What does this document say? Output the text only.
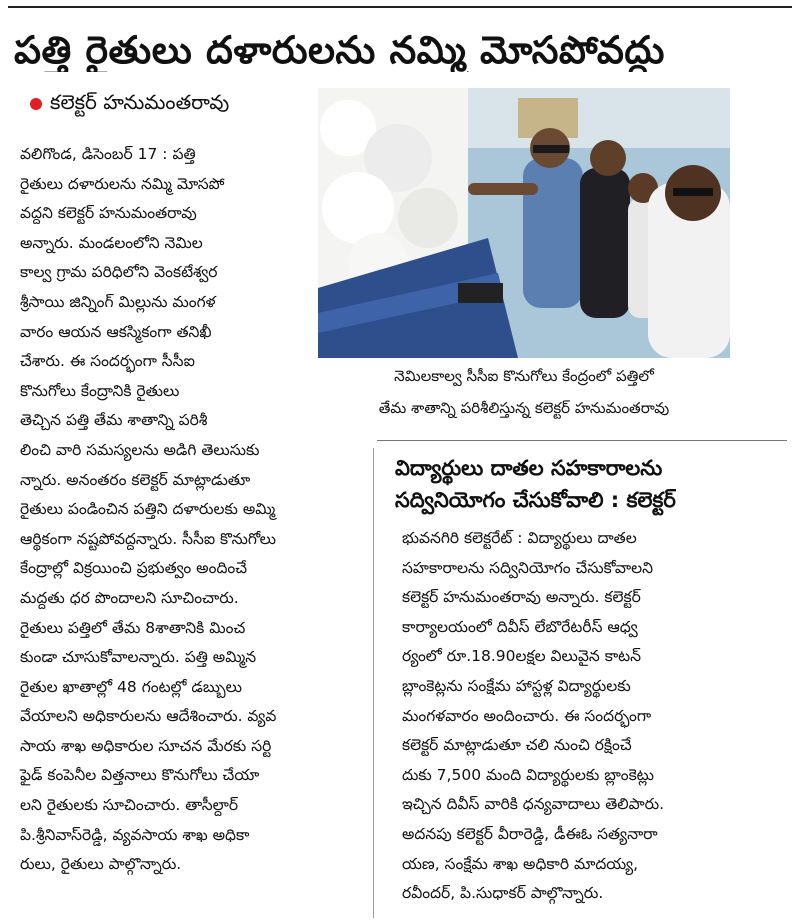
పత్తి రైతులు దళారులను నమ్మి మోసపోవద్దు
కలెక్టర్ హనుమంతరావు

వలిగొండ, డిసెంబర్ 17 : పత్తి

రైతులు దళారులను నమ్మి మోసపో

వద్దని కలెక్టర్ హనుమంతరావు

అన్నారు. మండలంలోని నెమిల

కాల్వ గ్రామ పరిధిలోని వెంకటేశ్వర

శ్రీసాయి జిన్నింగ్ మిల్లును మంగళ

వారం ఆయన ఆకస్మికంగా తనిఖీ

చేశారు. ఈ సందర్భంగా సీసీఐ

కొనుగోలు కేంద్రానికి రైతులు

తెచ్చిన పత్తి తేమ శాతాన్ని పరిశీ

లించి వారి సమస్యలను అడిగి తెలుసుకు

న్నారు. అనంతరం కలెక్టర్ మాట్లాడుతూ

రైతులు పండించిన పత్తిని దళారులకు అమ్మి

ఆర్థికంగా నష్టపోవద్దన్నారు. సీసీఐ కొనుగోలు

కేంద్రాల్లో విక్రయించి ప్రభుత్వం అందించే

మద్దతు ధర పొందాలని సూచించారు.

రైతులు పత్తిలో తేమ 8శాతానికి మించ

కుండా చూసుకోవాలన్నారు. పత్తి అమ్మిన

రైతుల ఖాతాల్లో 48 గంటల్లో డబ్బులు

వేయాలని అధికారులను ఆదేశించారు. వ్యవ

సాయ శాఖ అధికారుల సూచన మేరకు సర్టి

ఫైడ్ కంపెనీల విత్తనాలు కొనుగోలు చేయా

లని రైతులకు సూచించారు. తాసీల్దార్

పి.శ్రీనివాస్‌రెడ్డి, వ్యవసాయ శాఖ అధికా

రులు, రైతులు పాల్గొన్నారు.

నెమిలకాల్వ సీసీఐ కొనుగోలు కేంద్రంలో పత్తిలో
తేమ శాతాన్ని పరిశీలిస్తున్న కలెక్టర్ హనుమంతరావు
విద్యార్థులు దాతల సహకారాలను
సద్వినియోగం చేసుకోవాలి : కలెక్టర్

భువనగిరి కలెక్టరేట్ : విద్యార్థులు దాతల

సహకారాలను సద్వినియోగం చేసుకోవాలని

కలెక్టర్ హనుమంతరావు అన్నారు. కలెక్టర్

కార్యాలయంలో దివీస్ లేబొరేటరీస్ ఆధ్వ

ర్యంలో రూ.18.90లక్షల విలువైన కాటన్

బ్లాంకెట్లను సంక్షేమ హాస్టళ్ల విద్యార్థులకు

మంగళవారం అందించారు. ఈ సందర్భంగా

కలెక్టర్ మాట్లాడుతూ చలి నుంచి రక్షించే

దుకు 7,500 మంది విద్యార్థులకు బ్లాంకెట్లు

ఇచ్చిన దివీస్ వారికి ధన్యవాదాలు తెలిపారు.

అదనపు కలెక్టర్ వీరారెడ్డి, డీఈఓ సత్యనారా

యణ, సంక్షేమ శాఖ అధికారి మాదయ్య,

రవీందర్, పి.సుధాకర్ పాల్గొన్నారు.
